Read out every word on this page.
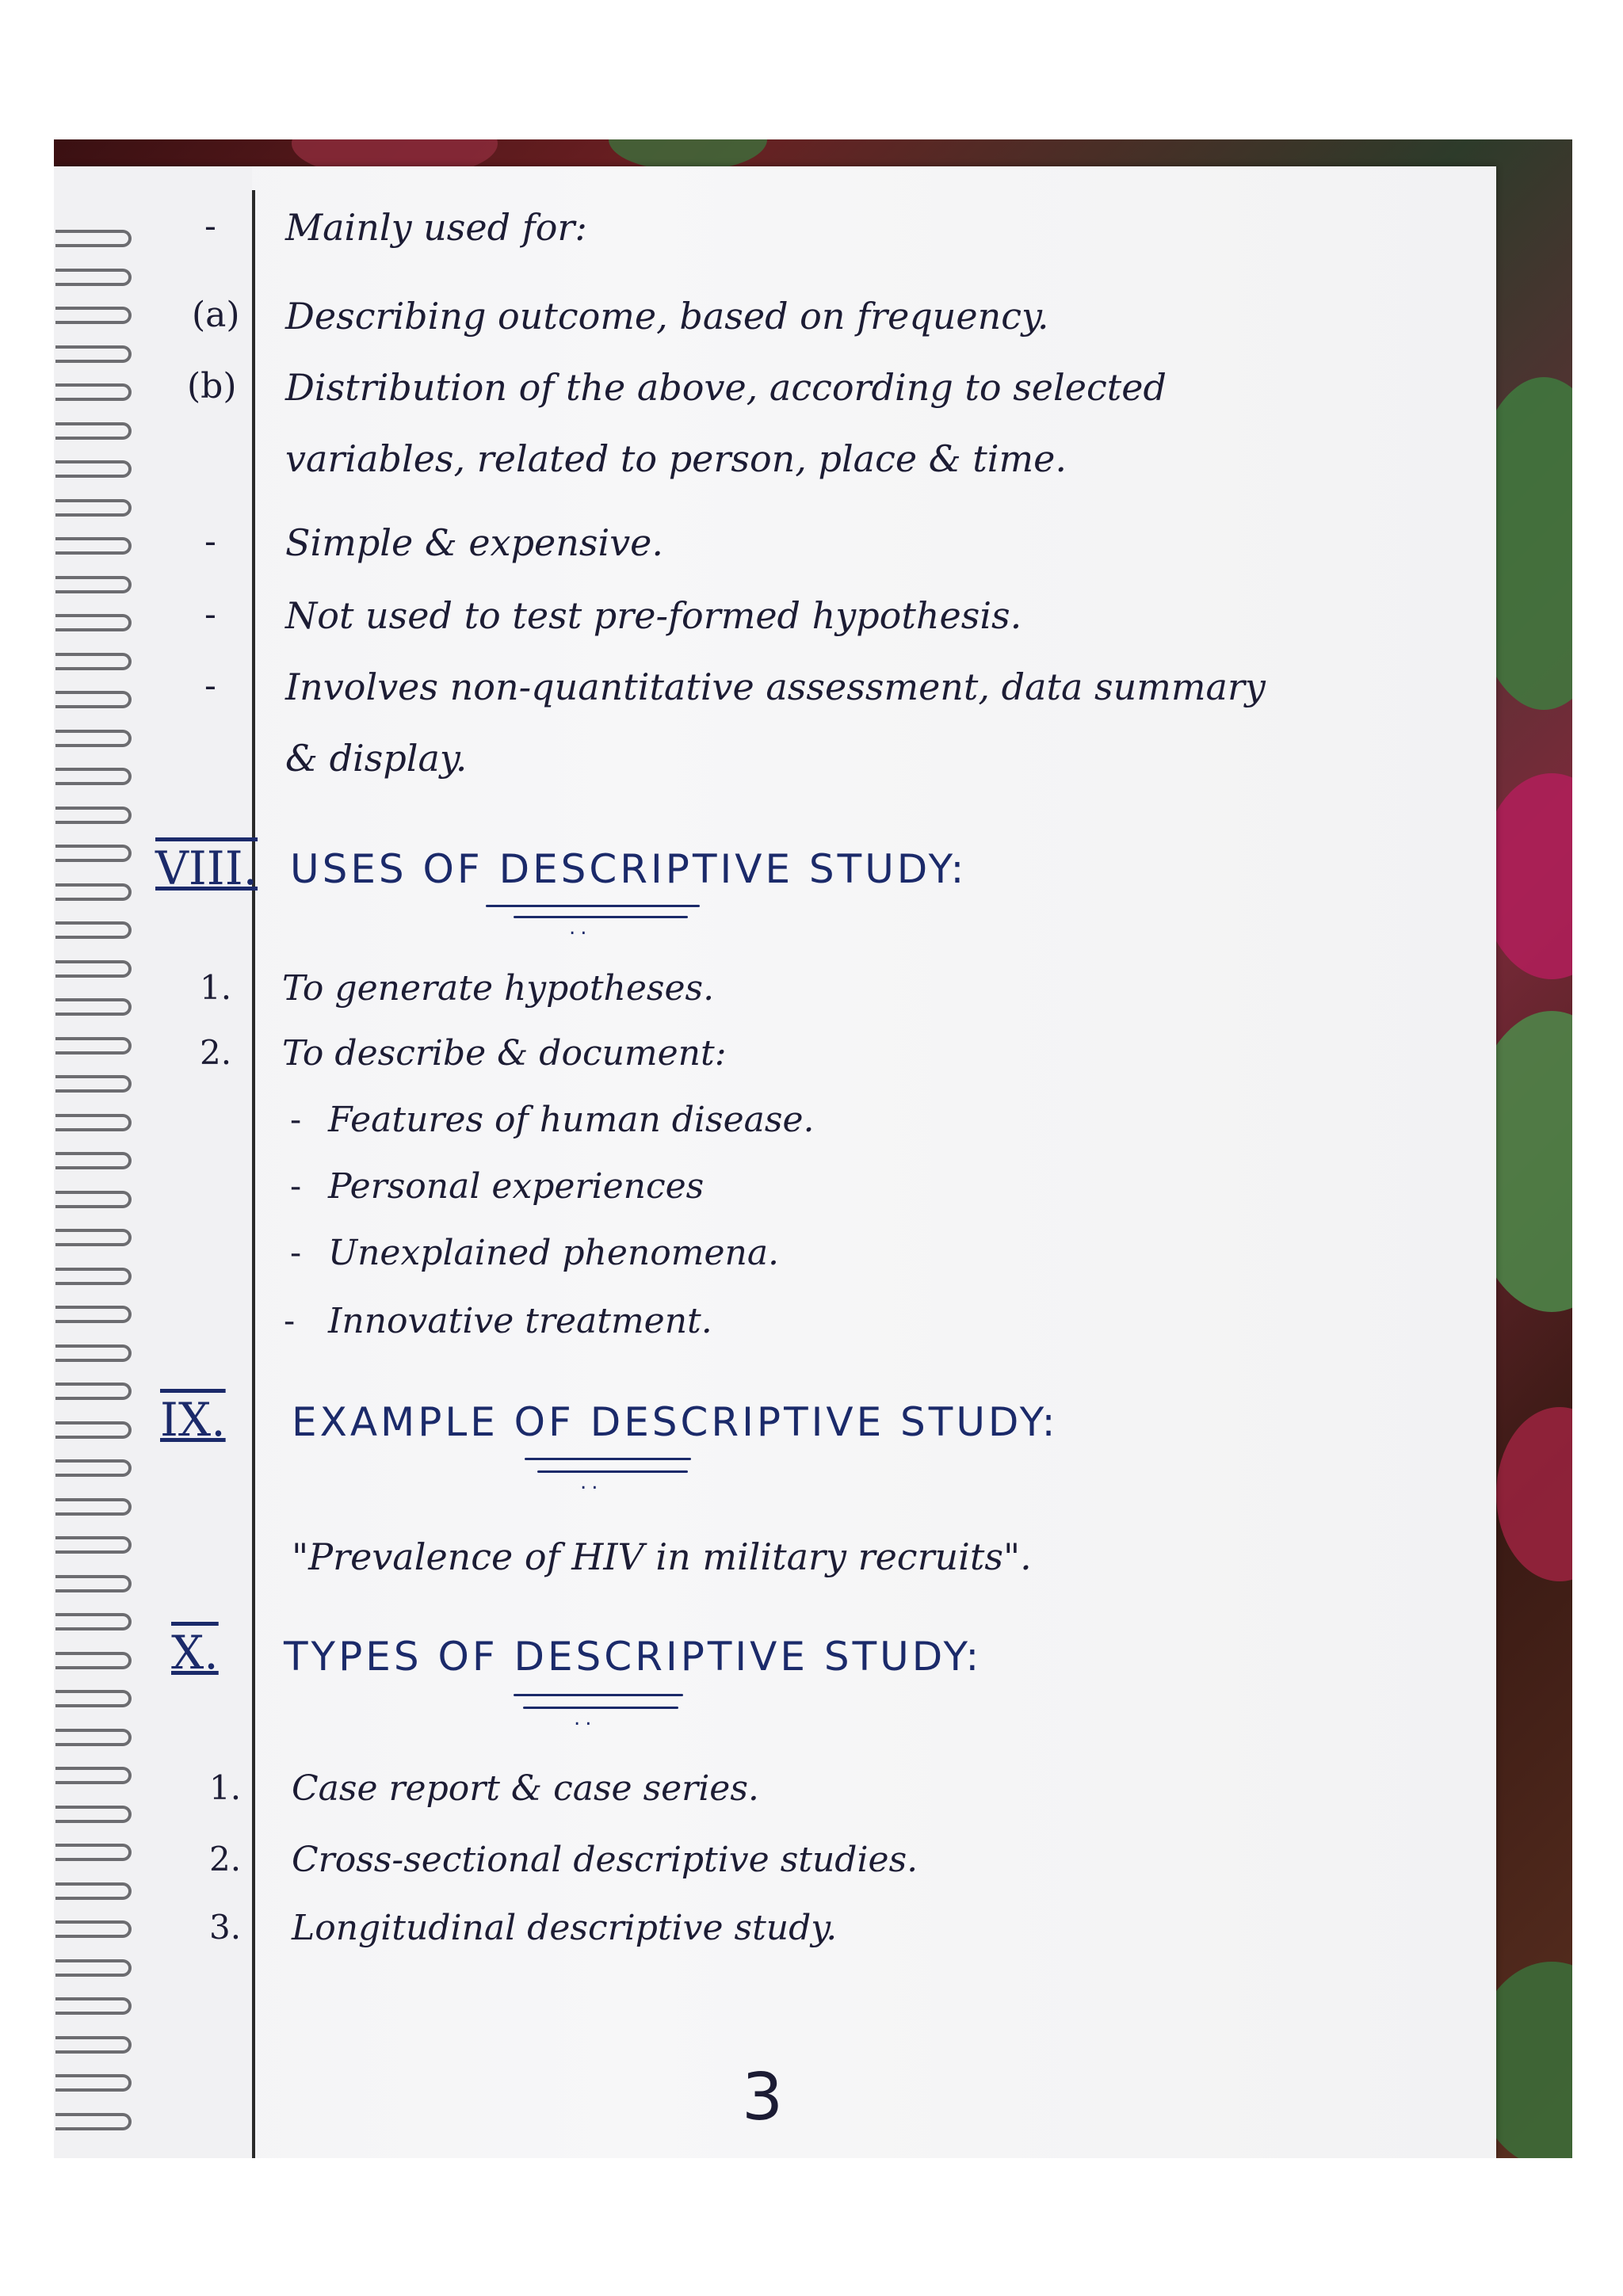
- Mainly used for:
(a) Describing outcome, based on frequency.
(b) Distribution of the above, according to selected
variables, related to person, place & time.
- Simple & expensive.
- Not used to test pre-formed hypothesis.
- Involves non-quantitative assessment, data summary
& display.
VIII. USES OF DESCRIPTIVE STUDY:
..
1. To generate hypotheses.
2. To describe & document:
- Features of human disease.
- Personal experiences
- Unexplained phenomena.
- Innovative treatment.
IX. EXAMPLE OF DESCRIPTIVE STUDY:
..
"Prevalence of HIV in military recruits".
X. TYPES OF DESCRIPTIVE STUDY:
..
1. Case report & case series.
2. Cross-sectional descriptive studies.
3. Longitudinal descriptive study.
3
